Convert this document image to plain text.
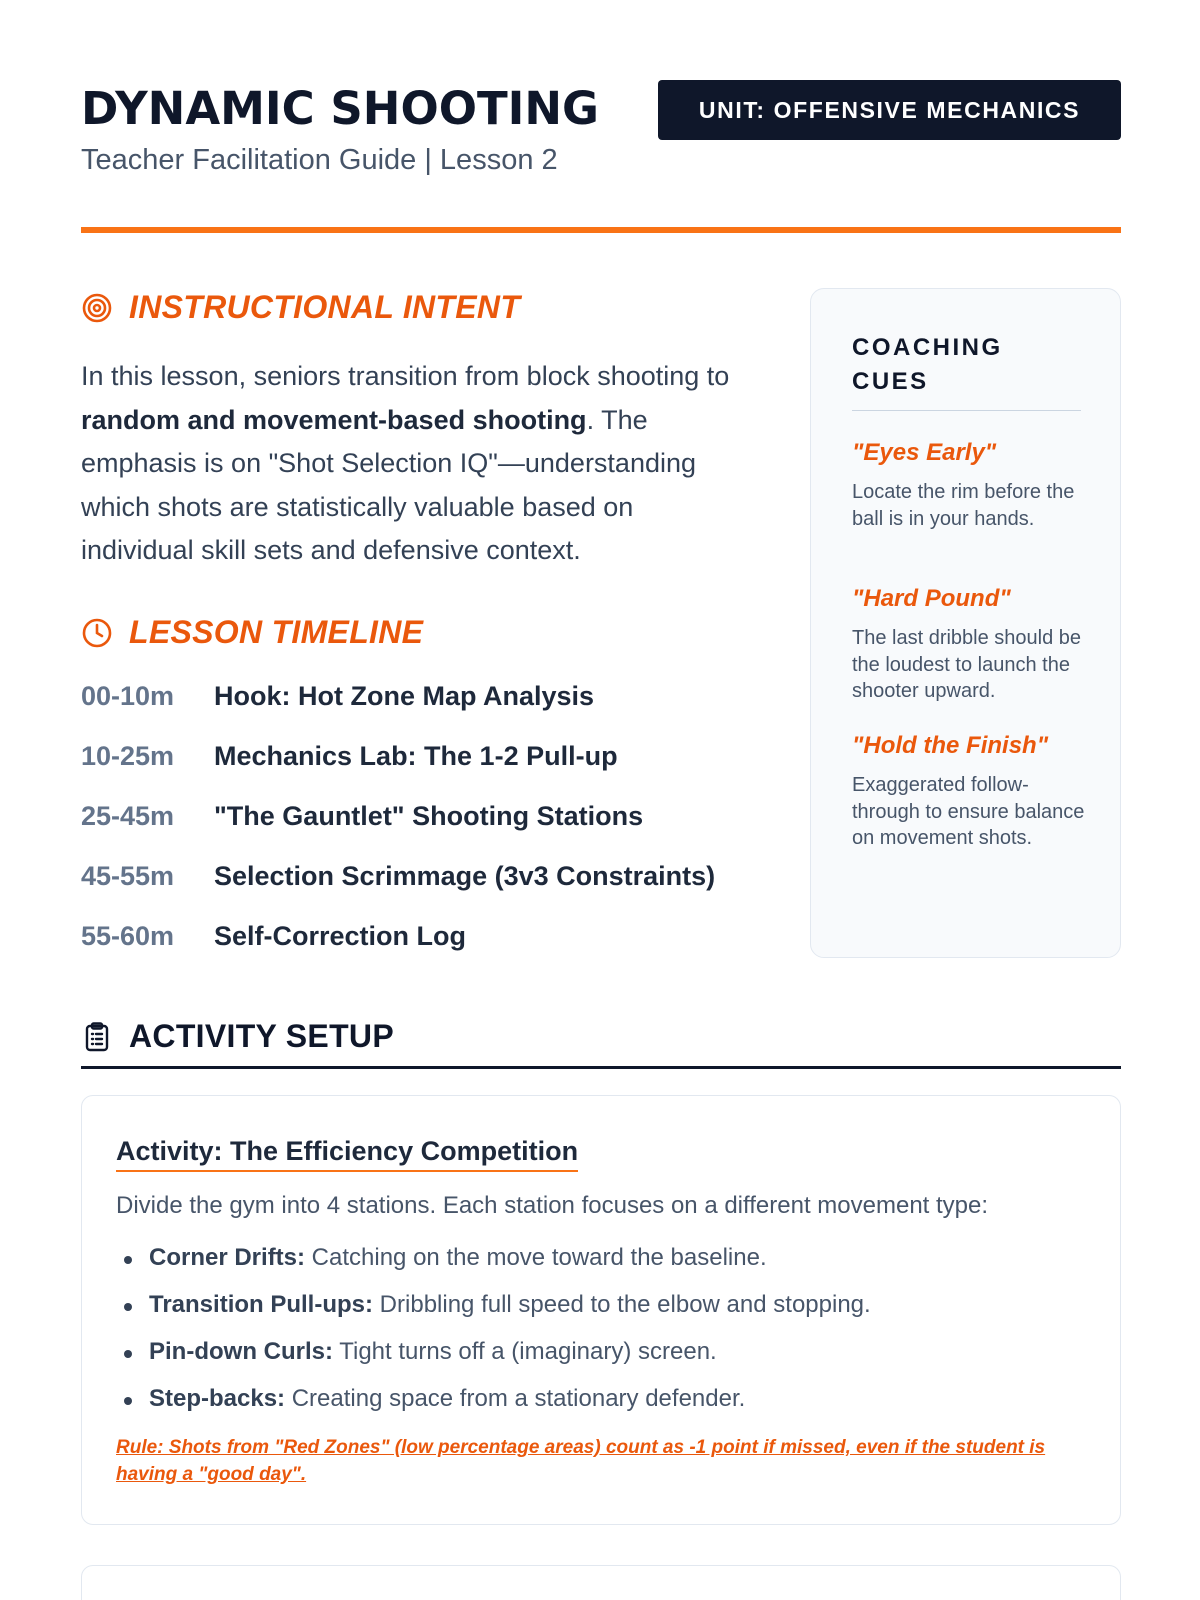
DYNAMIC SHOOTING
Teacher Facilitation Guide | Lesson 2
UNIT: OFFENSIVE MECHANICS
INSTRUCTIONAL INTENT

In this lesson, seniors transition from block shooting to random and movement-based shooting. The emphasis is on "Shot Selection IQ"—understanding which shots are statistically valuable based on individual skill sets and defensive context.

LESSON TIMELINE
00-10m Hook: Hot Zone Map Analysis
10-25m Mechanics Lab: The 1-2 Pull-up
25-45m "The Gauntlet" Shooting Stations
45-55m Selection Scrimmage (3v3 Constraints)
55-60m Self-Correction Log
COACHING CUES
"Eyes Early"
Locate the rim before the ball is in your hands.
"Hard Pound"
The last dribble should be the loudest to launch the shooter upward.
"Hold the Finish"
Exaggerated follow-through to ensure balance on movement shots.
ACTIVITY SETUP
Activity: The Efficiency Competition
Divide the gym into 4 stations. Each station focuses on a different movement type:
Corner Drifts: Catching on the move toward the baseline.
Transition Pull-ups: Dribbling full speed to the elbow and stopping.
Pin-down Curls: Tight turns off a (imaginary) screen.
Step-backs: Creating space from a stationary defender.

Rule: Shots from "Red Zones" (low percentage areas) count as -1 point if missed, even if the student is having a "good day".
